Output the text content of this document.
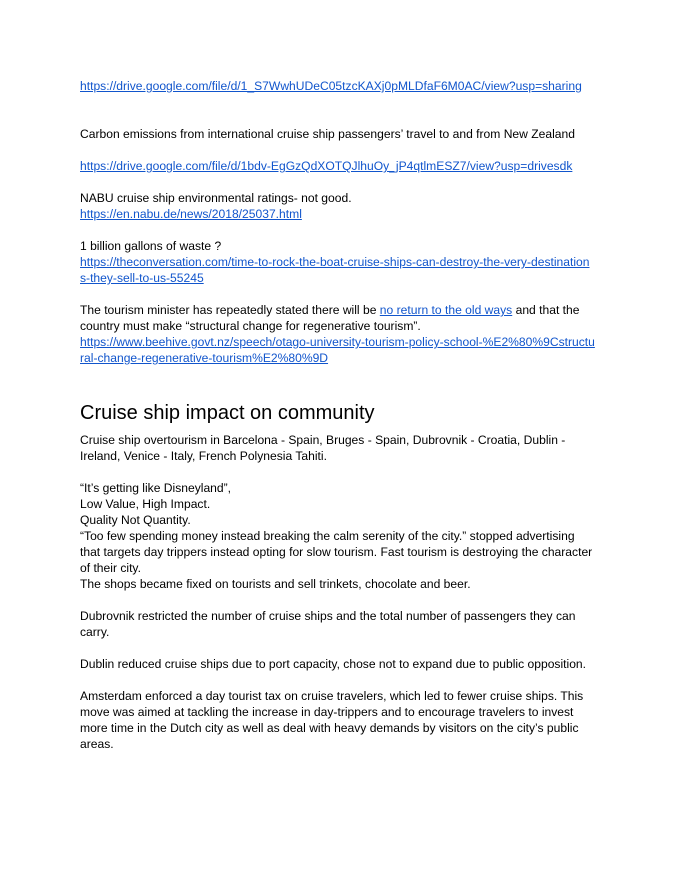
https://drive.google.com/file/d/1_S7WwhUDeC05tzcKAXj0pMLDfaF6M0AC/view?usp=sharing

Carbon emissions from international cruise ship passengers’ travel to and from New Zealand

https://drive.google.com/file/d/1bdv-EgGzQdXOTQJlhuOy_jP4qtlmESZ7/view?usp=drivesdk

NABU cruise ship environmental ratings- not good.

https://en.nabu.de/news/2018/25037.html

1 billion gallons of waste ?

https://theconversation.com/time-to-rock-the-boat-cruise-ships-can-destroy-the-very-destination
s-they-sell-to-us-55245

The tourism minister has repeatedly stated there will be no return to the old ways and that the
country must make “structural change for regenerative tourism”.

https://www.beehive.govt.nz/speech/otago-university-tourism-policy-school-%E2%80%9Cstructu
ral-change-regenerative-tourism%E2%80%9D

Cruise ship impact on community

Cruise ship overtourism in Barcelona - Spain, Bruges - Spain, Dubrovnik - Croatia, Dublin -
Ireland, Venice - Italy, French Polynesia Tahiti.

“It’s getting like Disneyland”,
Low Value, High Impact.
Quality Not Quantity.
“Too few spending money instead breaking the calm serenity of the city.” stopped advertising
that targets day trippers instead opting for slow tourism. Fast tourism is destroying the character
of their city.
The shops became fixed on tourists and sell trinkets, chocolate and beer.

Dubrovnik restricted the number of cruise ships and the total number of passengers they can
carry.

Dublin reduced cruise ships due to port capacity, chose not to expand due to public opposition.

Amsterdam enforced a day tourist tax on cruise travelers, which led to fewer cruise ships. This
move was aimed at tackling the increase in day-trippers and to encourage travelers to invest
more time in the Dutch city as well as deal with heavy demands by visitors on the city’s public
areas.
